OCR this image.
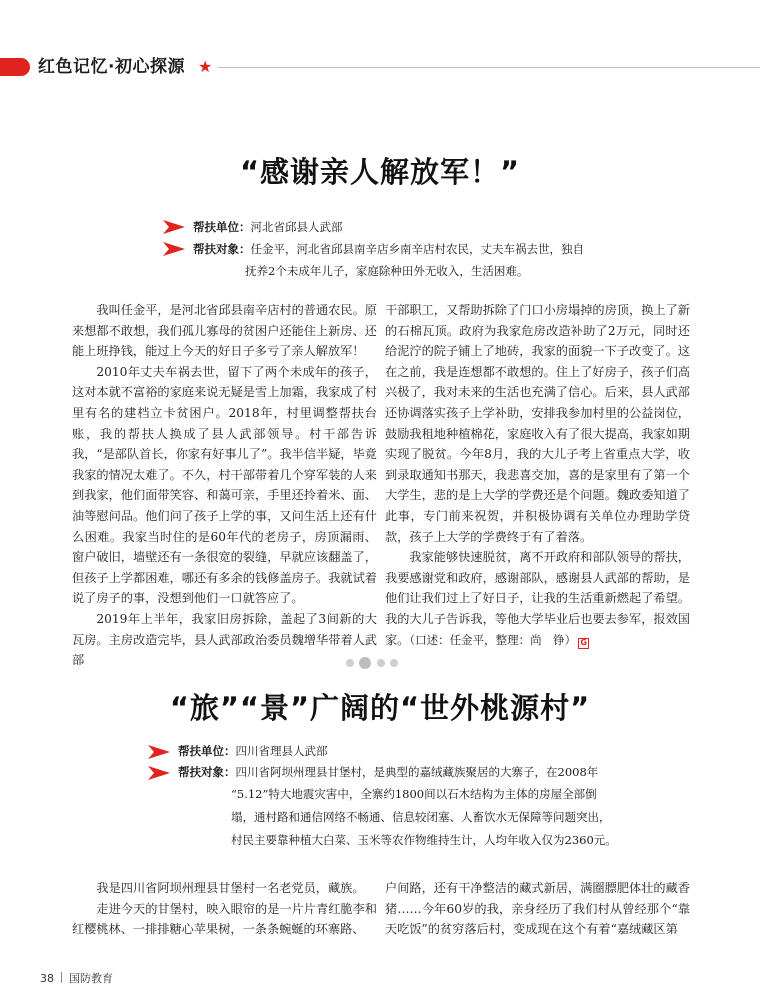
红色记忆·初心探源 ★
“感谢亲人解放军！”
帮扶单位：河北省邱县人武部
帮扶对象：任金平，河北省邱县南辛店乡南辛店村农民，丈夫车祸去世，独自
抚养2个未成年儿子，家庭除种田外无收入，生活困难。

我叫任金平，是河北省邱县南辛店村的普通农民。原来想都不敢想，我们孤儿寡母的贫困户还能住上新房、还能上班挣钱，能过上今天的好日子多亏了亲人解放军！

2010年丈夫车祸去世，留下了两个未成年的孩子，这对本就不富裕的家庭来说无疑是雪上加霜，我家成了村里有名的建档立卡贫困户。2018年，村里调整帮扶台账，我的帮扶人换成了县人武部领导。村干部告诉我，“是部队首长，你家有好事儿了”。我半信半疑，毕竟我家的情况太难了。不久，村干部带着几个穿军装的人来到我家，他们面带笑容、和蔼可亲，手里还拎着米、面、油等慰问品。他们问了孩子上学的事，又问生活上还有什么困难。我家当时住的是60年代的老房子，房顶漏雨、窗户破旧，墙壁还有一条很宽的裂缝，早就应该翻盖了，但孩子上学都困难，哪还有多余的钱修盖房子。我就试着说了房子的事，没想到他们一口就答应了。

2019年上半年，我家旧房拆除，盖起了3间新的大瓦房。主房改造完毕，县人武部政治委员魏增华带着人武部

干部职工，又帮助拆除了门口小房塌掉的房顶，换上了新的石棉瓦顶。政府为我家危房改造补助了2万元，同时还给泥泞的院子铺上了地砖，我家的面貌一下子改变了。这在之前，我是连想都不敢想的。住上了好房子，孩子们高兴极了，我对未来的生活也充满了信心。后来，县人武部还协调落实孩子上学补助，安排我参加村里的公益岗位，鼓励我租地种植棉花，家庭收入有了很大提高，我家如期实现了脱贫。今年8月，我的大儿子考上省重点大学，收到录取通知书那天，我悲喜交加，喜的是家里有了第一个大学生，悲的是上大学的学费还是个问题。魏政委知道了此事，专门前来祝贺，并积极协调有关单位办理助学贷款，孩子上大学的学费终于有了着落。

我家能够快速脱贫，离不开政府和部队领导的帮扶，我要感谢党和政府，感谢部队，感谢县人武部的帮助，是他们让我们过上了好日子，让我的生活重新燃起了希望。我的大儿子告诉我，等他大学毕业后也要去参军，报效国家。（口述：任金平，整理：尚　铮） G

“旅”“景”广阔的“世外桃源村”
帮扶单位：四川省理县人武部
帮扶对象：四川省阿坝州理县甘堡村，是典型的嘉绒藏族聚居的大寨子，在2008年
“5.12”特大地震灾害中，全寨约1800间以石木结构为主体的房屋全部倒
塌，通村路和通信网络不畅通、信息较闭塞、人畜饮水无保障等问题突出，
村民主要靠种植大白菜、玉米等农作物维持生计，人均年收入仅为2360元。

我是四川省阿坝州理县甘堡村一名老党员，藏族。

走进今天的甘堡村，映入眼帘的是一片片青红脆李和红樱桃林、一排排糖心苹果树，一条条蜿蜒的环寨路、

户间路，还有干净整洁的藏式新居，满圈膘肥体壮的藏香猪……今年60岁的我，亲身经历了我们村从曾经那个“靠天吃饭”的贫穷落后村，变成现在这个有着“嘉绒藏区第

38 国防教育
